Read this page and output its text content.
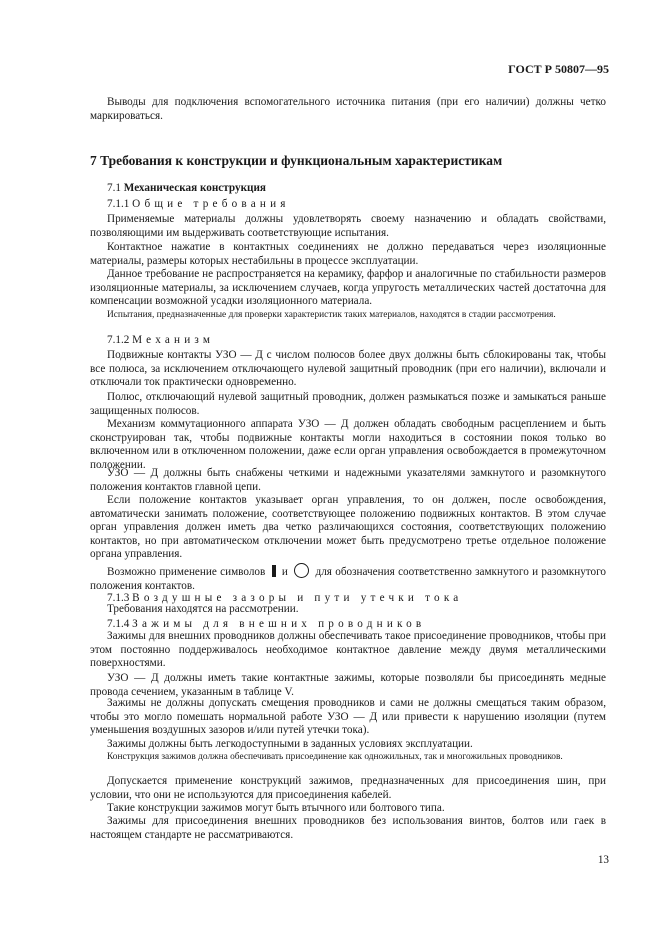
ГОСТ Р 50807—95

Выводы для подключения вспомогательного источника питания (при его наличии) должны четко маркироваться.

7 Требования к конструкции и функциональным характеристикам
7.1 Механическая конструкция
7.1.1 Общие требования

Применяемые материалы должны удовлетворять своему назначению и обладать свойствами, позволяющими им выдерживать соответствующие испытания.

Контактное нажатие в контактных соединениях не должно передаваться через изоляционные материалы, размеры которых нестабильны в процессе эксплуатации.

Данное требование не распространяется на керамику, фарфор и аналогичные по стабильности размеров изоляционные материалы, за исключением случаев, когда упругость металлических частей достаточна для компенсации возможной усадки изоляционного материала.

Испытания, предназначенные для проверки характеристик таких материалов, находятся в стадии рассмотрения.

7.1.2 Механизм

Подвижные контакты УЗО — Д с числом полюсов более двух должны быть сблокированы так, чтобы все полюса, за исключением отключающего нулевой защитный проводник (при его наличии), включали и отключали ток практически одновременно.

Полюс, отключающий нулевой защитный проводник, должен размыкаться позже и замыкаться раньше защищенных полюсов.

Механизм коммутационного аппарата УЗО — Д должен обладать свободным расцеплением и быть сконструирован так, чтобы подвижные контакты могли находиться в состоянии покоя только во включенном или в отключенном положении, даже если орган управления освобождается в промежуточном положении.

УЗО — Д должны быть снабжены четкими и надежными указателями замкнутого и разомкнутого положения контактов главной цепи.

Если положение контактов указывает орган управления, то он должен, после освобождения, автоматически занимать положение, соответствующее положению подвижных контактов. В этом случае орган управления должен иметь два четко различающихся состояния, соответствующих положению контактов, но при автоматическом отключении может быть предусмотрено третье отдельное положение органа управления.

Возможно применение символов и для обозначения соответственно замкнутого и разомкнутого положения контактов.

7.1.3 Воздушные зазоры и пути утечки тока

Требования находятся на рассмотрении.

7.1.4 Зажимы для внешних проводников

Зажимы для внешних проводников должны обеспечивать такое присоединение проводников, чтобы при этом постоянно поддерживалось необходимое контактное давление между двумя металлическими поверхностями.

УЗО — Д должны иметь такие контактные зажимы, которые позволяли бы присоединять медные провода сечением, указанным в таблице V.

Зажимы не должны допускать смещения проводников и сами не должны смещаться таким образом, чтобы это могло помешать нормальной работе УЗО — Д или привести к нарушению изоляции (путем уменьшения воздушных зазоров и/или путей утечки тока).

Зажимы должны быть легкодоступными в заданных условиях эксплуатации.

Конструкция зажимов должна обеспечивать присоединение как одножильных, так и многожильных проводников.

Допускается применение конструкций зажимов, предназначенных для присоединения шин, при условии, что они не используются для присоединения кабелей.

Такие конструкции зажимов могут быть втычного или болтового типа.

Зажимы для присоединения внешних проводников без использования винтов, болтов или гаек в настоящем стандарте не рассматриваются.

13
